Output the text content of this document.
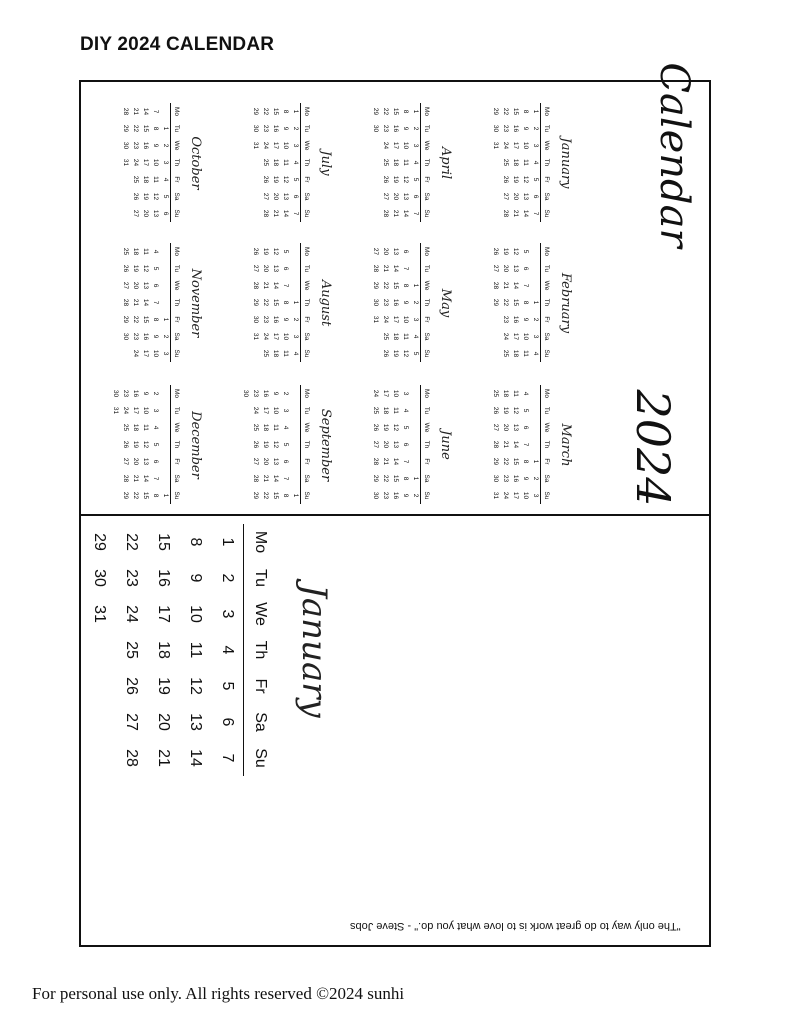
DIY 2024 CALENDAR
Calendar
2024
January
Mo	Tu	We	Th	Fr	Sa	Su
1	2	3	4	5	6	7
8	9	10	11	12	13	14
15	16	17	18	19	20	21
22	23	24	25	26	27	28
29	30	31				
February
Mo	Tu	We	Th	Fr	Sa	Su
			1	2	3	4
5	6	7	8	9	10	11
12	13	14	15	16	17	18
19	20	21	22	23	24	25
26	27	28	29			
March
Mo	Tu	We	Th	Fr	Sa	Su
				1	2	3
4	5	6	7	8	9	10
11	12	13	14	15	16	17
18	19	20	21	22	23	24
25	26	27	28	29	30	31
April
Mo	Tu	We	Th	Fr	Sa	Su
1	2	3	4	5	6	7
8	9	10	11	12	13	14
15	16	17	18	19	20	21
22	23	24	25	26	27	28
29	30					
May
Mo	Tu	We	Th	Fr	Sa	Su
		1	2	3	4	5
6	7	8	9	10	11	12
13	14	15	16	17	18	19
20	21	22	23	24	25	26
27	28	29	30	31		
June
Mo	Tu	We	Th	Fr	Sa	Su
					1	2
3	4	5	6	7	8	9
10	11	12	13	14	15	16
17	18	19	20	21	22	23
24	25	26	27	28	29	30
July
Mo	Tu	We	Th	Fr	Sa	Su
1	2	3	4	5	6	7
8	9	10	11	12	13	14
15	16	17	18	19	20	21
22	23	24	25	26	27	28
29	30	31				
August
Mo	Tu	We	Th	Fr	Sa	Su
			1	2	3	4
5	6	7	8	9	10	11
12	13	14	15	16	17	18
19	20	21	22	23	24	25
26	27	28	29	30	31	
September
Mo	Tu	We	Th	Fr	Sa	Su
						1
2	3	4	5	6	7	8
9	10	11	12	13	14	15
16	17	18	19	20	21	22
23	24	25	26	27	28	29
30						
October
Mo	Tu	We	Th	Fr	Sa	Su
	1	2	3	4	5	6
7	8	9	10	11	12	13
14	15	16	17	18	19	20
21	22	23	24	25	26	27
28	29	30	31			
November
Mo	Tu	We	Th	Fr	Sa	Su
				1	2	3
4	5	6	7	8	9	10
11	12	13	14	15	16	17
18	19	20	21	22	23	24
25	26	27	28	29	30	
December
Mo	Tu	We	Th	Fr	Sa	Su
						1
2	3	4	5	6	7	8
9	10	11	12	13	14	15
16	17	18	19	20	21	22
23	24	25	26	27	28	29
30	31					
January
Mo	Tu	We	Th	Fr	Sa	Su
1	2	3	4	5	6	7
8	9	10	11	12	13	14
15	16	17	18	19	20	21
22	23	24	25	26	27	28
29	30	31				
"The only way to do great work is to love what you do." - Steve Jobs
For personal use only. All rights reserved ©2024 sunhi
